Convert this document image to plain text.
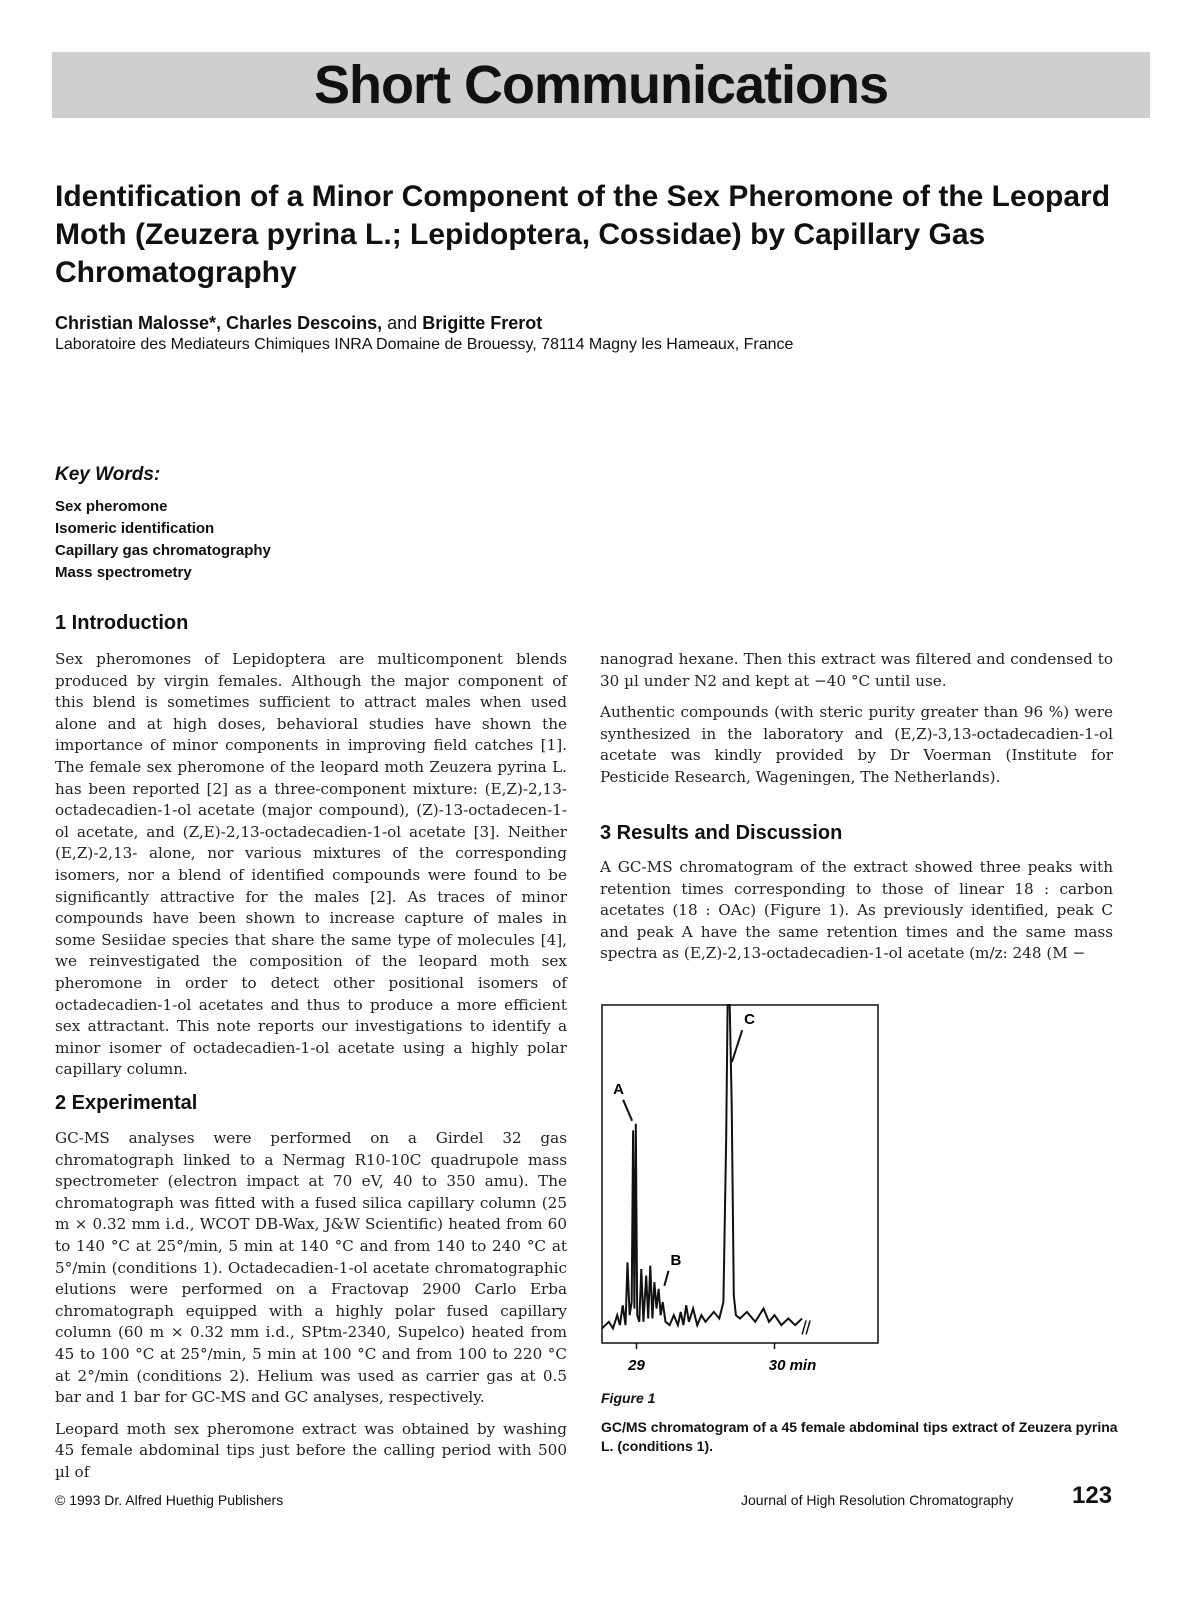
Short Communications
Identification of a Minor Component of the Sex Pheromone of the Leopard Moth (Zeuzera pyrina L.; Lepidoptera, Cossidae) by Capillary Gas Chromatography
Christian Malosse*, Charles Descoins, and Brigitte Frerot
Laboratoire des Mediateurs Chimiques INRA Domaine de Brouessy, 78114 Magny les Hameaux, France
Key Words:
Sex pheromone
Isomeric identification
Capillary gas chromatography
Mass spectrometry
1 Introduction

Sex pheromones of Lepidoptera are multicomponent blends produced by virgin females. Although the major component of this blend is sometimes sufficient to attract males when used alone and at high doses, behavioral studies have shown the importance of minor components in improving field catches [1]. The female sex pheromone of the leopard moth Zeuzera pyrina L. has been reported [2] as a three-component mixture: (E,Z)-2,13-octadecadien-1-ol acetate (major compound), (Z)-13-octadecen-1-ol acetate, and (Z,E)-2,13-octadecadien-1-ol acetate [3]. Neither (E,Z)-2,13- alone, nor various mixtures of the corresponding isomers, nor a blend of identified compounds were found to be significantly attractive for the males [2]. As traces of minor compounds have been shown to increase capture of males in some Sesiidae species that share the same type of molecules [4], we reinvestigated the composition of the leopard moth sex pheromone in order to detect other positional isomers of octadecadien-1-ol acetates and thus to produce a more efficient sex attractant. This note reports our investigations to identify a minor isomer of octadecadien-1-ol acetate using a highly polar capillary column.

2 Experimental

GC-MS analyses were performed on a Girdel 32 gas chromatograph linked to a Nermag R10-10C quadrupole mass spectrometer (electron impact at 70 eV, 40 to 350 amu). The chromatograph was fitted with a fused silica capillary column (25 m × 0.32 mm i.d., WCOT DB-Wax, J&W Scientific) heated from 60 to 140 °C at 25°/min, 5 min at 140 °C and from 140 to 240 °C at 5°/min (conditions 1). Octadecadien-1-ol acetate chromatographic elutions were performed on a Fractovap 2900 Carlo Erba chromatograph equipped with a highly polar fused capillary column (60 m × 0.32 mm i.d., SPtm-2340, Supelco) heated from 45 to 100 °C at 25°/min, 5 min at 100 °C and from 100 to 220 °C at 2°/min (conditions 2). Helium was used as carrier gas at 0.5 bar and 1 bar for GC-MS and GC analyses, respectively.

Leopard moth sex pheromone extract was obtained by washing 45 female abdominal tips just before the calling period with 500 µl of

nanograd hexane. Then this extract was filtered and condensed to 30 µl under N2 and kept at −40 °C until use.

Authentic compounds (with steric purity greater than 96 %) were synthesized in the laboratory and (E,Z)-3,13-octadecadien-1-ol acetate was kindly provided by Dr Voerman (Institute for Pesticide Research, Wageningen, The Netherlands).

3 Results and Discussion

A GC-MS chromatogram of the extract showed three peaks with retention times corresponding to those of linear 18 : carbon acetates (18 : OAc) (Figure 1). As previously identified, peak C and peak A have the same retention times and the same mass spectra as (E,Z)-2,13-octadecadien-1-ol acetate (m/z: 248 (M −

A
B
C
29	30 min
Figure 1
GC/MS chromatogram of a 45 female abdominal tips extract of Zeuzera pyrina L. (conditions 1).
© 1993 Dr. Alfred Huethig Publishers	Journal of High Resolution Chromatography 123
